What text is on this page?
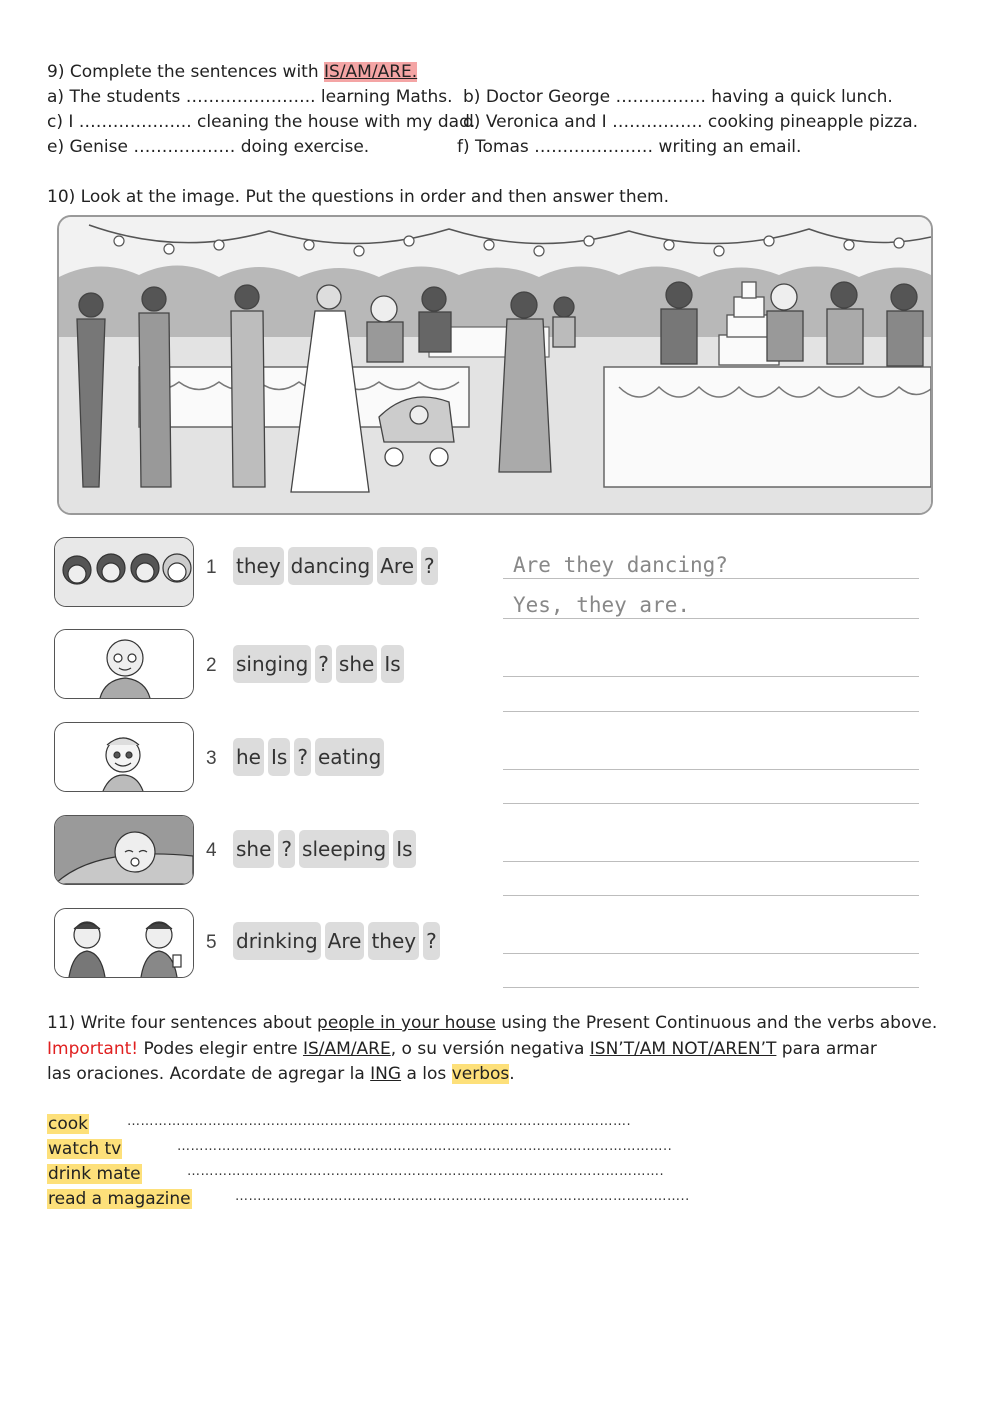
9) Complete the sentences with IS/AM/ARE.
a) The students ………………….. learning Maths. b) Doctor George ……………. having a quick lunch.
c) I ……………….. cleaning the house with my dad.
d) Veronica and I ……………. cooking pineapple pizza.
e) Genise ……………… doing exercise.	f) Tomas ………………… writing an email.
10) Look at the image. Put the questions in order and then answer them.
1 they dancing Are ?	Are they dancing?
Yes, they are.
2 singing ? she Is
3 he Is ? eating
4 she ? sleeping Is
5 drinking Are they ?
11) Write four sentences about people in your house using the Present Continuous and the verbs above.
Important! Podes elegir entre IS/AM/ARE, o su versión negativa ISN’T/AM NOT/AREN’T para armar
las oraciones. Acordate de agregar la ING a los verbos.
cook	………………………………………………………………………………………………….
watch tv	………………………………………………………………………………………………..
drink mate	…………………………………………………………………………………………….
read a magazine	………………………………………………………………………………………..
